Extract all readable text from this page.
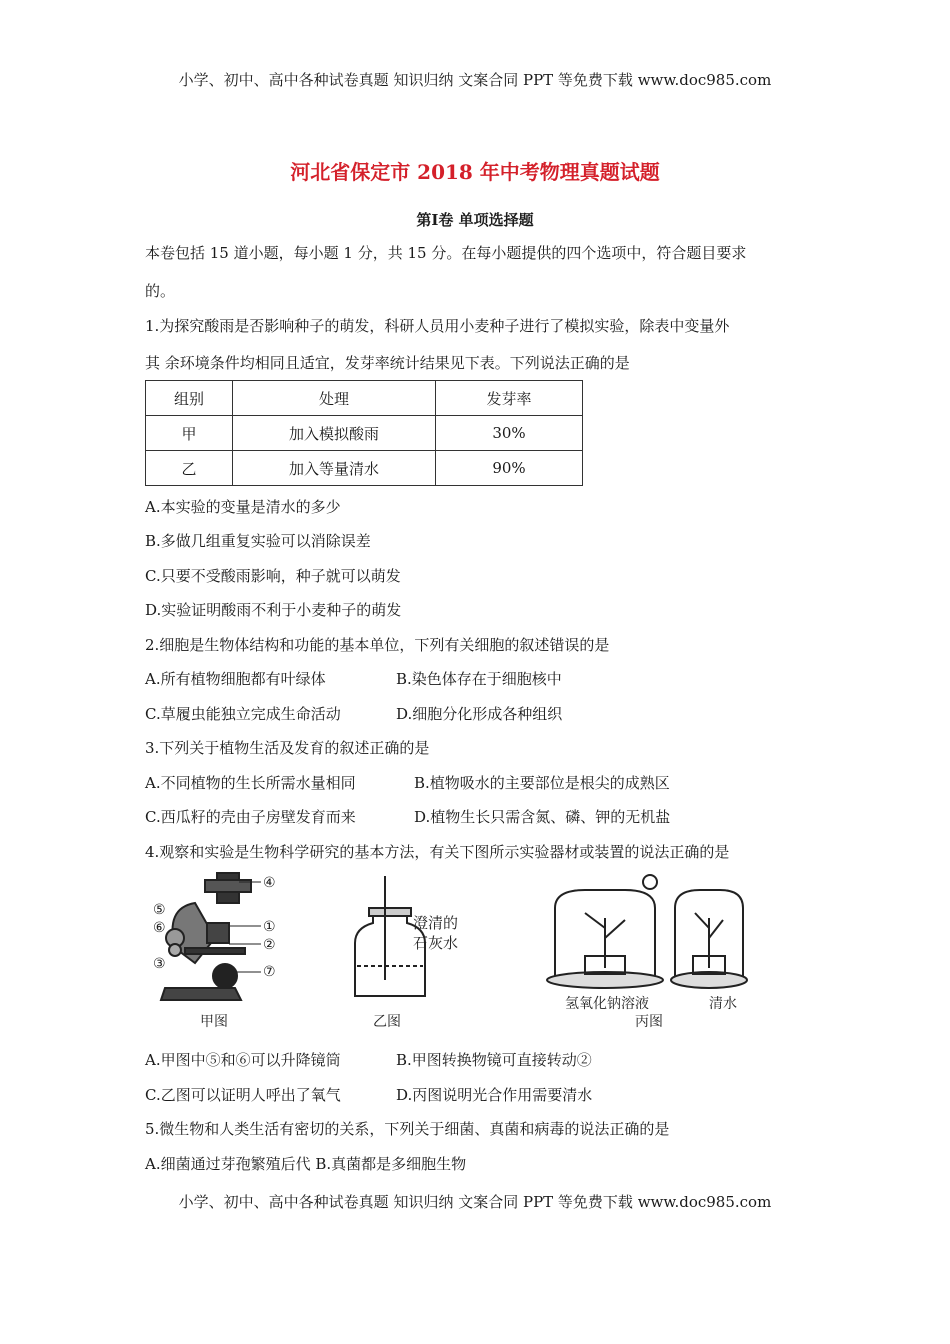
小学、初中、高中各种试卷真题 知识归纳 文案合同 PPT 等免费下载 www.doc985.com
河北省保定市 2018 年中考物理真题试题
第Ⅰ卷 单项选择题
本卷包括 15 道小题，每小题 1 分，共 15 分。在每小题提供的四个选项中，符合题目要求
的。
1.为探究酸雨是否影响种子的萌发，科研人员用小麦种子进行了模拟实验，除表中变量外
其 余环境条件均相同且适宜，发芽率统计结果见下表。下列说法正确的是
组别	处理	发芽率
甲	加入模拟酸雨	30%
乙	加入等量清水	90%
A.本实验的变量是清水的多少
B.多做几组重复实验可以消除误差
C.只要不受酸雨影响，种子就可以萌发
D.实验证明酸雨不利于小麦种子的萌发
2.细胞是生物体结构和功能的基本单位，下列有关细胞的叙述错误的是
A.所有植物细胞都有叶绿体	B.染色体存在于细胞核中
C.草履虫能独立完成生命活动	D.细胞分化形成各种组织
3.下列关于植物生活及发育的叙述正确的是
A.不同植物的生长所需水量相同	B.植物吸水的主要部位是根尖的成熟区
C.西瓜籽的壳由子房壁发育而来	D.植物生长只需含氮、磷、钾的无机盐
4.观察和实验是生物科学研究的基本方法，有关下图所示实验器材或装置的说法正确的是
④
⑤
⑥	①
②
③	⑦
澄清的
石灰水
氢氧化钠溶液	清水
甲图	乙图	丙图
A.甲图中⑤和⑥可以升降镜筒	B.甲图转换物镜可直接转动②
C.乙图可以证明人呼出了氧气	D.丙图说明光合作用需要清水
5.微生物和人类生活有密切的关系，下列关于细菌、真菌和病毒的说法正确的是
A.细菌通过芽孢繁殖后代 B.真菌都是多细胞生物
小学、初中、高中各种试卷真题 知识归纳 文案合同 PPT 等免费下载 www.doc985.com
